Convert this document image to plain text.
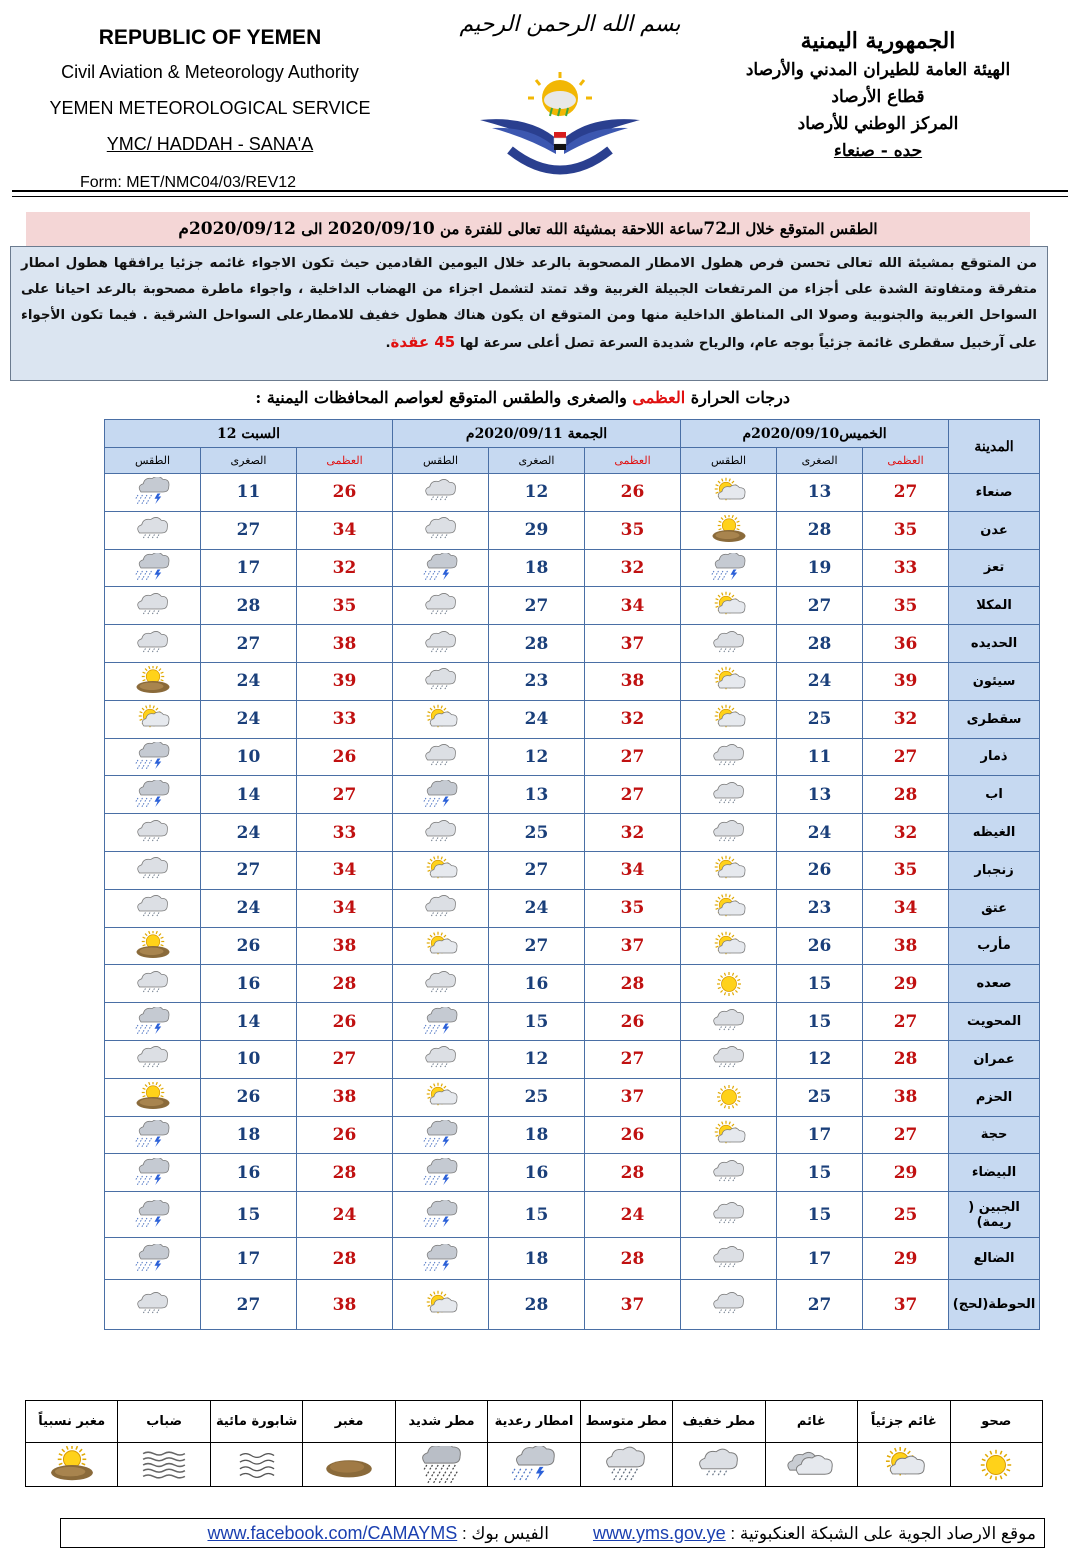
REPUBLIC OF YEMEN
Civil Aviation & Meteorology Authority
YEMEN METEOROLOGICAL SERVICE
YMC/ HADDAH - SANA'A
Form: MET/NMC04/03/REV12
بسم الله الرحمن الرحيم
CIVIL AVIATION & METEOROLOGY AUTHORITY
الجمهورية اليمنية
الهيئة العامة للطيران المدني والأرصاد
قطاع الأرصاد
المركز الوطني للأرصاد
حده - صنعاء
الطقس المتوقع خلال الـ72ساعة اللاحقة بمشيئة الله تعالى للفترة من 2020/09/10 الى 2020/09/12م
من المتوقع بمشيئة الله تعالى تحسن فرص هطول الامطار المصحوبة بالرعد خلال اليومين القادمين حيث تكون الاجواء غائمه جزئيا يرافقها هطول امطار متفرقة ومتفاوتة الشدة على أجزاء من المرتفعات الجبيلة الغربية وقد تمتد لتشمل اجزاء من الهضاب الداخلية ، واجواء ماطرة مصحوبة بالرعد احيانا على السواحل الغربية والجنوبية وصولا الى المناطق الداخلية منها ومن المتوقع ان يكون هناك هطول خفيف للامطارعلى السواحل الشرقية . فيما تكون الأجواء على آرخبيل سقطرى غائمة جزئياً بوجه عام، والرياح شديدة السرعة تصل أعلى سرعة لها 45 عقدة.
درجات الحرارة العظمى والصغرى والطقس المتوقع لعواصم المحافظات اليمنية :
السبت 12			الجمعة 2020/09/11م			الخميس2020/09/10م			المدينة
الطقس	الصغرى	العظمى	الطقس	الصغرى	العظمى	الطقس	الصغرى	العظمى	

	11	26		12	26		13	27	صنعاء

	27	34		29	35		28	35	عدن

	17	32		18	32		19	33	تعز

	28	35		27	34		27	35	المكلا

	27	38		28	37		28	36	الحديده

	24	39		23	38		24	39	سيئون

	24	33		24	32		25	32	سقطرى

	10	26		12	27		11	27	ذمار

	14	27		13	27		13	28	اب

	24	33		25	32		24	32	الغيظه

	27	34		27	34		26	35	زنجبار

	24	34		24	35		23	34	عتق

	26	38		27	37		26	38	مأرب

	16	28		16	28		15	29	صعده

	14	26		15	26		15	27	المحويت

	10	27		12	27		12	28	عمران

	26	38		25	37		25	38	الحزم

	18	26		18	26		17	27	حجة

	16	28		16	28		15	29	البيضاء

	15	24		15	24		15	25	الجبين ( ريمة)

	17	28		18	28		17	29	الضالع

	27	38		28	37		27	37	الحوطة(لحج)
مغبر نسبياً	ضباب	شابورة مائية	مغبر	مطر شديد	امطار رعدية	مطر متوسط	مطر خفيف	غائم	غائم جزئياً	صحو

موقع الارصاد الجوية على الشبكة العنكبوتية : www.yms.gov.yeالفيس بوك : www.facebook.com/CAMAYMS
